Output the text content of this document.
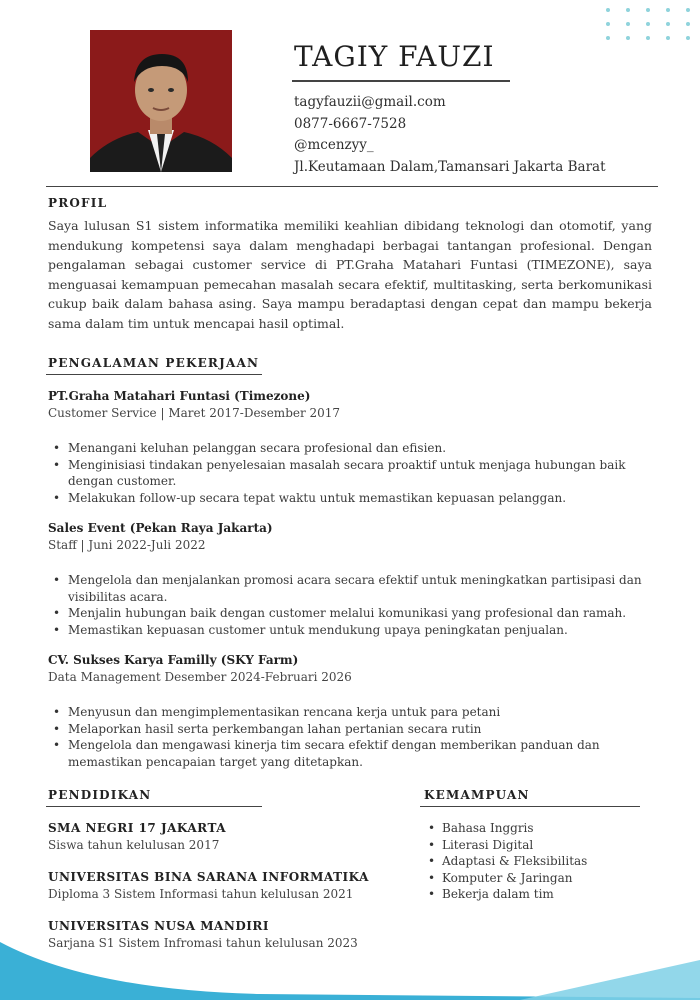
TAGIY FAUZI
tagyfauzii@gmail.com
0877-6667-7528
@mcenzyy_
Jl.Keutamaan Dalam,Tamansari Jakarta Barat
PROFIL
Saya lulusan S1 sistem informatika memiliki keahlian dibidang teknologi dan otomotif, yang mendukung kompetensi saya dalam menghadapi berbagai tantangan profesional. Dengan pengalaman sebagai customer service di PT.Graha Matahari Funtasi (TIMEZONE), saya menguasai kemampuan pemecahan masalah secara efektif, multitasking, serta berkomunikasi cukup baik dalam bahasa asing. Saya mampu beradaptasi dengan cepat dan mampu bekerja sama dalam tim untuk mencapai hasil optimal.
PENGALAMAN PEKERJAAN

PT.Graha Matahari Funtasi (Timezone)

Customer Service | Maret 2017-Desember 2017

• Menangani keluhan pelanggan secara profesional dan efisien.
• Menginisiasi tindakan penyelesaian masalah secara proaktif untuk menjaga hubungan baik dengan customer.
• Melakukan follow-up secara tepat waktu untuk memastikan kepuasan pelanggan.

Sales Event (Pekan Raya Jakarta)

Staff | Juni 2022-Juli 2022

• Mengelola dan menjalankan promosi acara secara efektif untuk meningkatkan partisipasi dan visibilitas acara.
• Menjalin hubungan baik dengan customer melalui komunikasi yang profesional dan ramah.
• Memastikan kepuasan customer untuk mendukung upaya peningkatan penjualan.

CV. Sukses Karya Familly (SKY Farm)

Data Management Desember 2024-Februari 2026

• Menyusun dan mengimplementasikan rencana kerja untuk para petani
• Melaporkan hasil serta perkembangan lahan pertanian secara rutin
• Mengelola dan mengawasi kinerja tim secara efektif dengan memberikan panduan dan memastikan pencapaian target yang ditetapkan.
PENDIDIKAN
SMA NEGRI 17 JAKARTA
Siswa tahun kelulusan 2017
UNIVERSITAS BINA SARANA INFORMATIKA
Diploma 3 Sistem Informasi tahun kelulusan 2021
UNIVERSITAS NUSA MANDIRI
Sarjana S1 Sistem Infromasi tahun kelulusan 2023
KEMAMPUAN
• Bahasa Inggris
• Literasi Digital
• Adaptasi & Fleksibilitas
• Komputer & Jaringan
• Bekerja dalam tim
